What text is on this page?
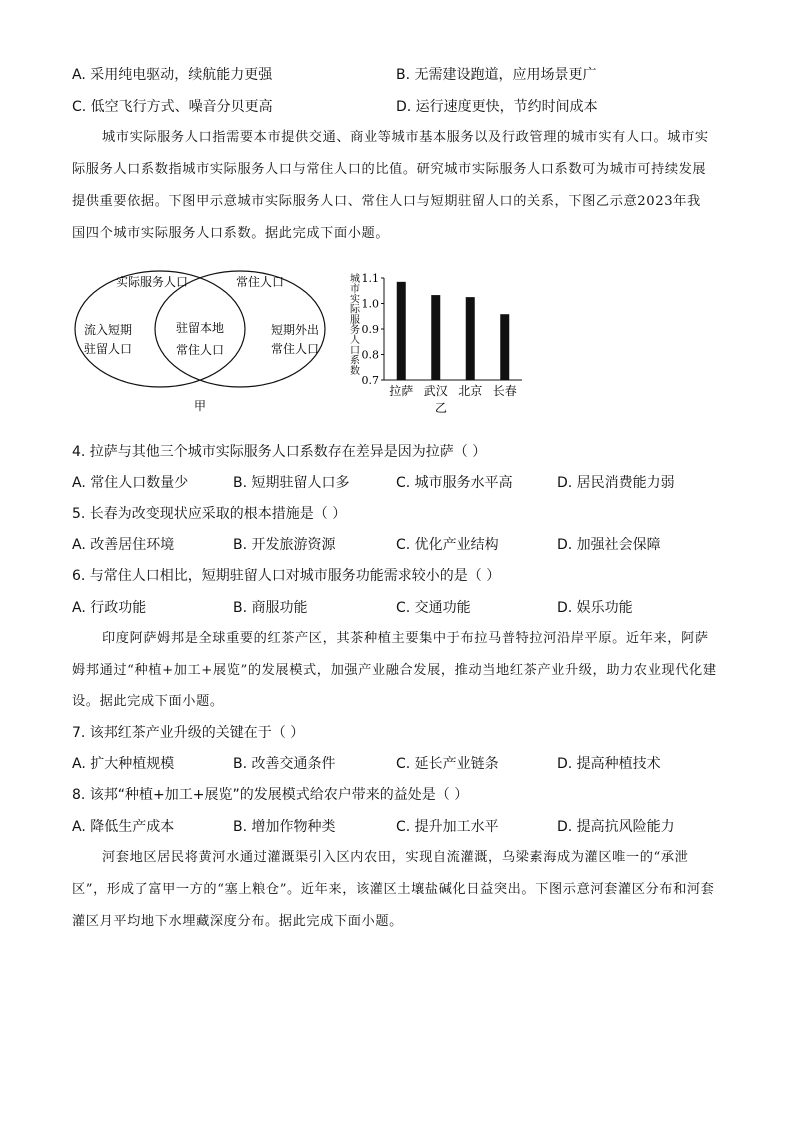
A. 采用纯电驱动，续航能力更强	B. 无需建设跑道，应用场景更广
C. 低空飞行方式、噪音分贝更高	D. 运行速度更快，节约时间成本
城市实际服务人口指需要本市提供交通、商业等城市基本服务以及行政管理的城市实有人口。城市实
际服务人口系数指城市实际服务人口与常住人口的比值。研究城市实际服务人口系数可为城市可持续发展
提供重要依据。下图甲示意城市实际服务人口、常住人口与短期驻留人口的关系，下图乙示意2023年我
国四个城市实际服务人口系数。据此完成下面小题。
实际服务人口	常住人口
流入短期
驻留人口
驻留本地
常住人口
短期外出
常住人口
甲
城
市
实
际
服
务
人
口
系
数
0.7
0.8
0.9
1.0
1.1
拉萨 武汉 北京 长春
乙
4. 拉萨与其他三个城市实际服务人口系数存在差异是因为拉萨（ ）
A. 常住人口数量少	B. 短期驻留人口多	C. 城市服务水平高	D. 居民消费能力弱
5. 长春为改变现状应采取的根本措施是（ ）
A. 改善居住环境	B. 开发旅游资源	C. 优化产业结构	D. 加强社会保障
6. 与常住人口相比，短期驻留人口对城市服务功能需求较小的是（ ）
A. 行政功能	B. 商服功能	C. 交通功能	D. 娱乐功能
印度阿萨姆邦是全球重要的红茶产区，其茶种植主要集中于布拉马普特拉河沿岸平原。近年来，阿萨
姆邦通过“种植+加工+展览”的发展模式，加强产业融合发展，推动当地红茶产业升级，助力农业现代化建
设。据此完成下面小题。
7. 该邦红茶产业升级的关键在于（ ）
A. 扩大种植规模	B. 改善交通条件	C. 延长产业链条	D. 提高种植技术
8. 该邦“种植+加工+展览”的发展模式给农户带来的益处是（ ）
A. 降低生产成本	B. 增加作物种类	C. 提升加工水平	D. 提高抗风险能力
河套地区居民将黄河水通过灌溉渠引入区内农田，实现自流灌溉，乌梁素海成为灌区唯一的“承泄
区”，形成了富甲一方的“塞上粮仓”。近年来，该灌区土壤盐碱化日益突出。下图示意河套灌区分布和河套
灌区月平均地下水埋藏深度分布。据此完成下面小题。
